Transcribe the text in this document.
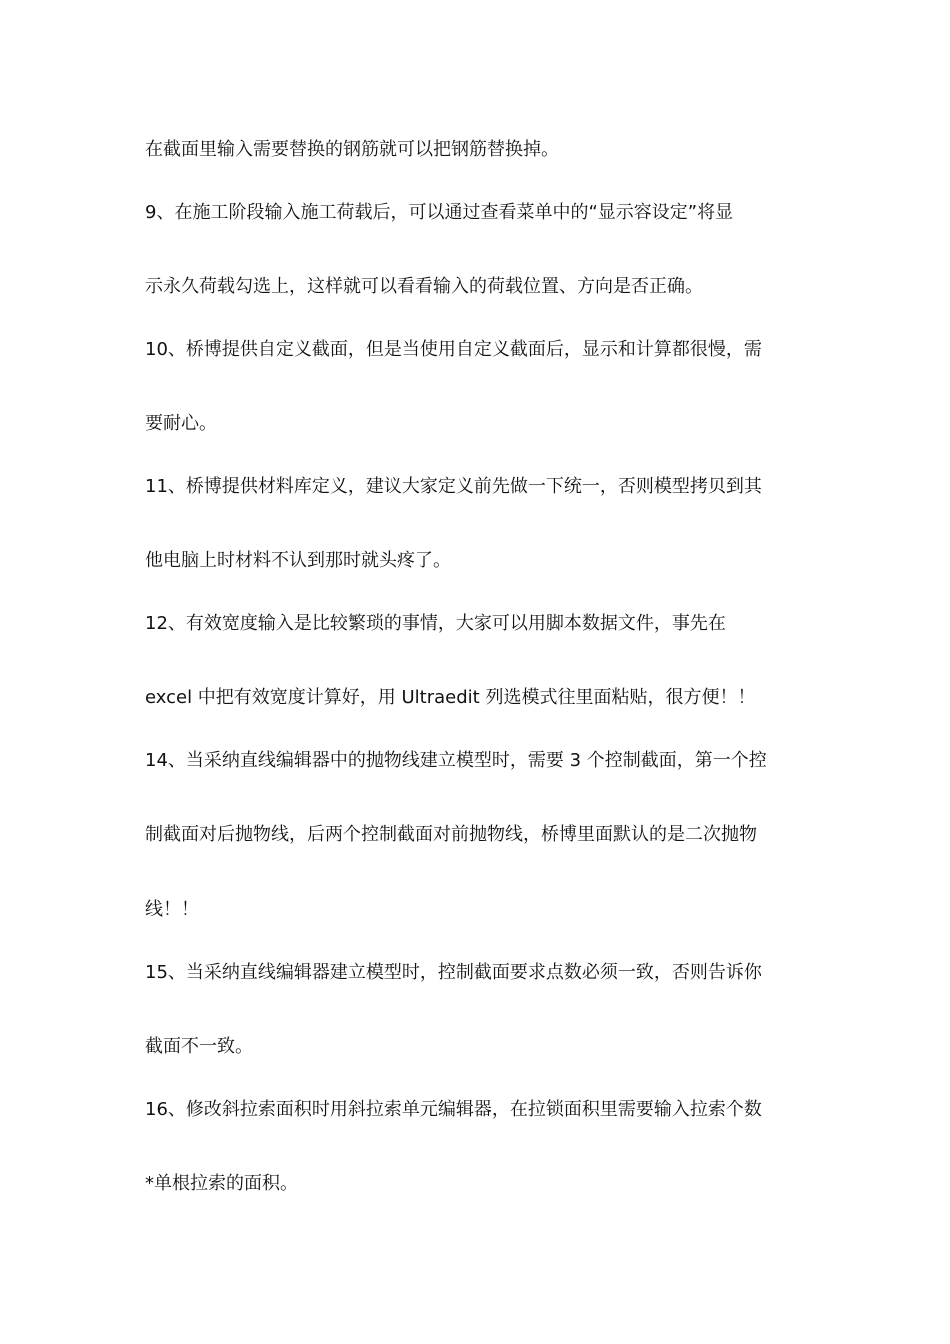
在截面里输入需要替换的钢筋就可以把钢筋替换掉。
9、在施工阶段输入施工荷载后，可以通过查看菜单中的“显示容设定”将显
示永久荷载勾选上，这样就可以看看输入的荷载位置、方向是否正确。
10、桥博提供自定义截面，但是当使用自定义截面后，显示和计算都很慢，需
要耐心。
11、桥博提供材料库定义，建议大家定义前先做一下统一，否则模型拷贝到其
他电脑上时材料不认到那时就头疼了。
12、有效宽度输入是比较繁琐的事情，大家可以用脚本数据文件，事先在
excel 中把有效宽度计算好，用 Ultraedit 列选模式往里面粘贴，很方便！！
14、当采纳直线编辑器中的抛物线建立模型时，需要 3 个控制截面，第一个控
制截面对后抛物线，后两个控制截面对前抛物线，桥博里面默认的是二次抛物
线！！
15、当采纳直线编辑器建立模型时，控制截面要求点数必须一致，否则告诉你
截面不一致。
16、修改斜拉索面积时用斜拉索单元编辑器，在拉锁面积里需要输入拉索个数
*单根拉索的面积。
